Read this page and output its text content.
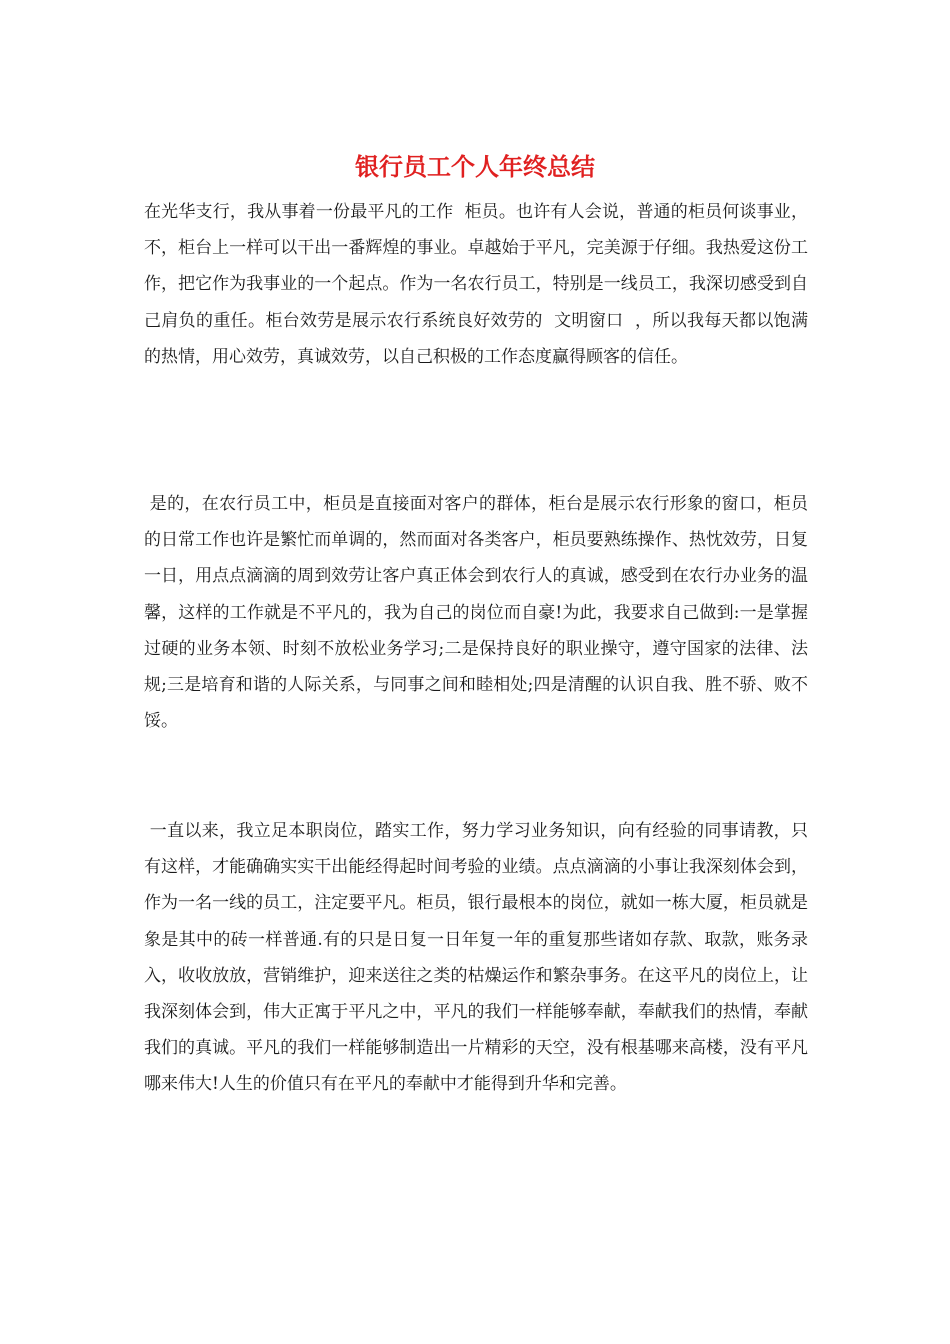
银行员工个人年终总结

在光华支行，我从事着一份最平凡的工作  柜员。也许有人会说，普通的柜员何谈事业，不，柜台上一样可以干出一番辉煌的事业。卓越始于平凡，完美源于仔细。我热爱这份工作，把它作为我事业的一个起点。作为一名农行员工，特别是一线员工，我深切感受到自己肩负的重任。柜台效劳是展示农行系统良好效劳的  文明窗口  ，所以我每天都以饱满的热情，用心效劳，真诚效劳，以自己积极的工作态度赢得顾客的信任。

是的，在农行员工中，柜员是直接面对客户的群体，柜台是展示农行形象的窗口，柜员的日常工作也许是繁忙而单调的，然而面对各类客户，柜员要熟练操作、热忱效劳，日复一日，用点点滴滴的周到效劳让客户真正体会到农行人的真诚，感受到在农行办业务的温馨，这样的工作就是不平凡的，我为自己的岗位而自豪!为此，我要求自己做到:一是掌握过硬的业务本领、时刻不放松业务学习;二是保持良好的职业操守，遵守国家的法律、法规;三是培育和谐的人际关系，与同事之间和睦相处;四是清醒的认识自我、胜不骄、败不馁。

一直以来，我立足本职岗位，踏实工作，努力学习业务知识，向有经验的同事请教，只有这样，才能确确实实干出能经得起时间考验的业绩。点点滴滴的小事让我深刻体会到，作为一名一线的员工，注定要平凡。柜员，银行最根本的岗位，就如一栋大厦，柜员就是象是其中的砖一样普通.有的只是日复一日年复一年的重复那些诸如存款、取款，账务录入，收收放放，营销维护，迎来送往之类的枯燥运作和繁杂事务。在这平凡的岗位上，让我深刻体会到，伟大正寓于平凡之中，平凡的我们一样能够奉献，奉献我们的热情，奉献我们的真诚。平凡的我们一样能够制造出一片精彩的天空，没有根基哪来高楼，没有平凡哪来伟大!人生的价值只有在平凡的奉献中才能得到升华和完善。
